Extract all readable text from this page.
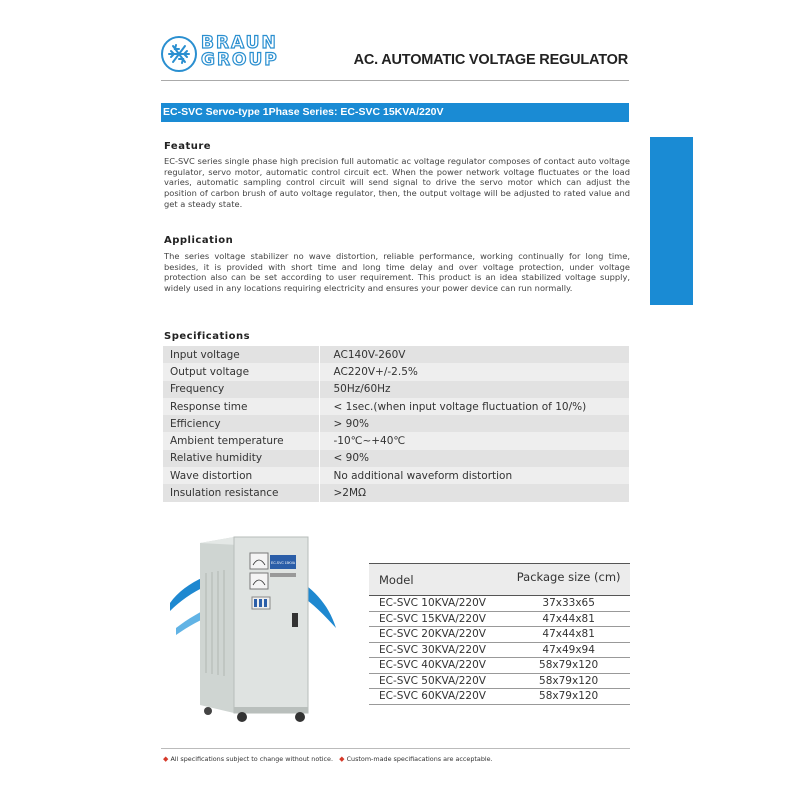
BRAUN
GROUP	AC. AUTOMATIC VOLTAGE REGULATOR
EC-SVC Servo-type 1Phase Series: EC-SVC 15KVA/220V
Feature
EC-SVC series single phase high precision full automatic ac voltage regulator composes of contact auto voltage regulator, servo motor, automatic control circuit ect. When the power network voltage fluctuates or the load varies, automatic sampling control circuit will send signal to drive the servo motor which can adjust the position of carbon brush of auto voltage regulator, then, the output voltage will be adjusted to rated value and get a steady state.
Application
The series voltage stabilizer no wave distortion, reliable performance, working continually for long time, besides, it is provided with short time and long time delay and over voltage protection, under voltage protection also can be set according to user requirement. This product is an idea stabilized voltage supply, widely used in any locations requiring electricity and ensures your power device can run normally.
Specifications
Input voltage	AC140V-260V
Output voltage	AC220V+/-2.5%
Frequency	50Hz/60Hz
Response time	< 1sec.(when input voltage fluctuation of 10/%)
Efficiency	> 90%
Ambient temperature	-10℃~+40℃
Relative humidity	< 90%
Wave distortion	No additional waveform distortion
Insulation resistance	>2MΩ
EC-SVC 15KVA
Model	Package size (cm)
EC-SVC 10KVA/220V	37x33x65
EC-SVC 15KVA/220V	47x44x81
EC-SVC 20KVA/220V	47x44x81
EC-SVC 30KVA/220V	47x49x94
EC-SVC 40KVA/220V	58x79x120
EC-SVC 50KVA/220V	58x79x120
EC-SVC 60KVA/220V	58x79x120
◆ All specifications subject to change without notice. ◆ Custom-made specifiacations are acceptable.
